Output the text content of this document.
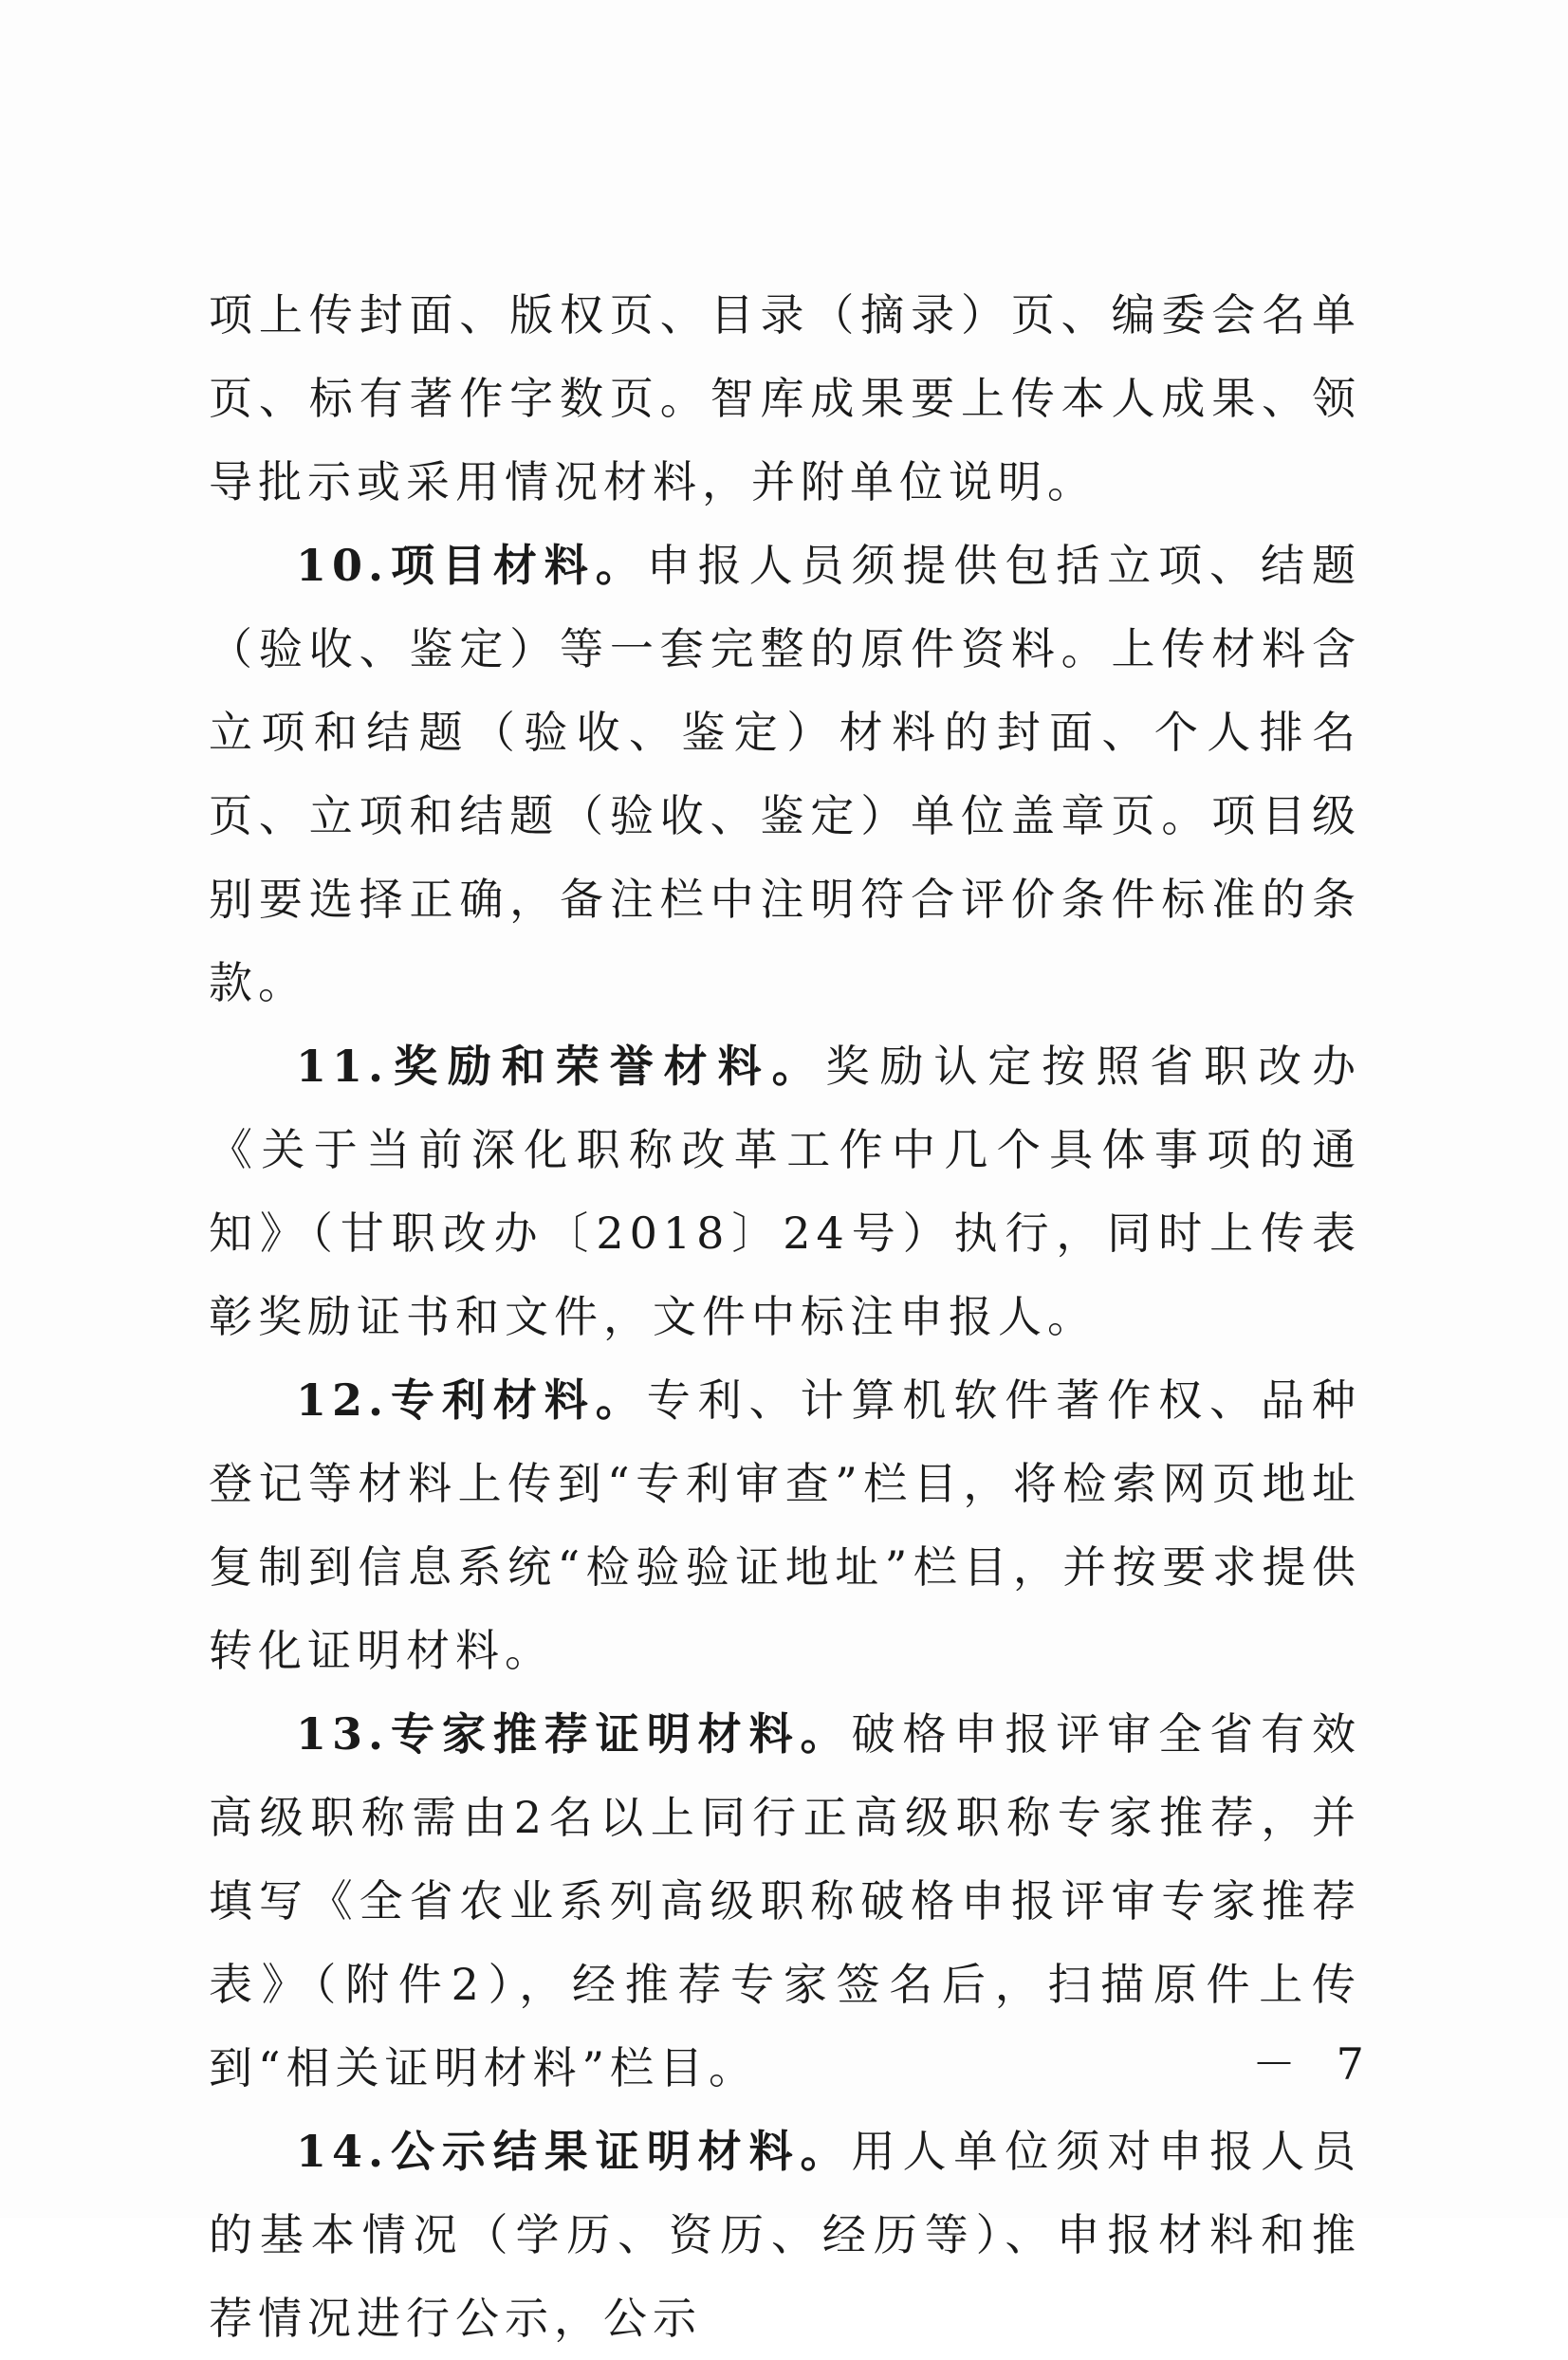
项上传封面、版权页、目录（摘录）页、编委会名单页、标有著作字数页。智库成果要上传本人成果、领导批示或采用情况材料，并附单位说明。

10.项目材料。申报人员须提供包括立项、结题（验收、鉴定）等一套完整的原件资料。上传材料含立项和结题（验收、鉴定）材料的封面、个人排名页、立项和结题（验收、鉴定）单位盖章页。项目级别要选择正确，备注栏中注明符合评价条件标准的条款。

11.奖励和荣誉材料。奖励认定按照省职改办《关于当前深化职称改革工作中几个具体事项的通知》（甘职改办〔2018〕24号）执行，同时上传表彰奖励证书和文件，文件中标注申报人。

12.专利材料。专利、计算机软件著作权、品种登记等材料上传到“专利审查”栏目，将检索网页地址复制到信息系统“检验验证地址”栏目，并按要求提供转化证明材料。

13.专家推荐证明材料。破格申报评审全省有效高级职称需由2名以上同行正高级职称专家推荐，并填写《全省农业系列高级职称破格申报评审专家推荐表》（附件2），经推荐专家签名后，扫描原件上传到“相关证明材料”栏目。

14.公示结果证明材料。用人单位须对申报人员的基本情况（学历、资历、经历等）、申报材料和推荐情况进行公示，公示

－ 7
